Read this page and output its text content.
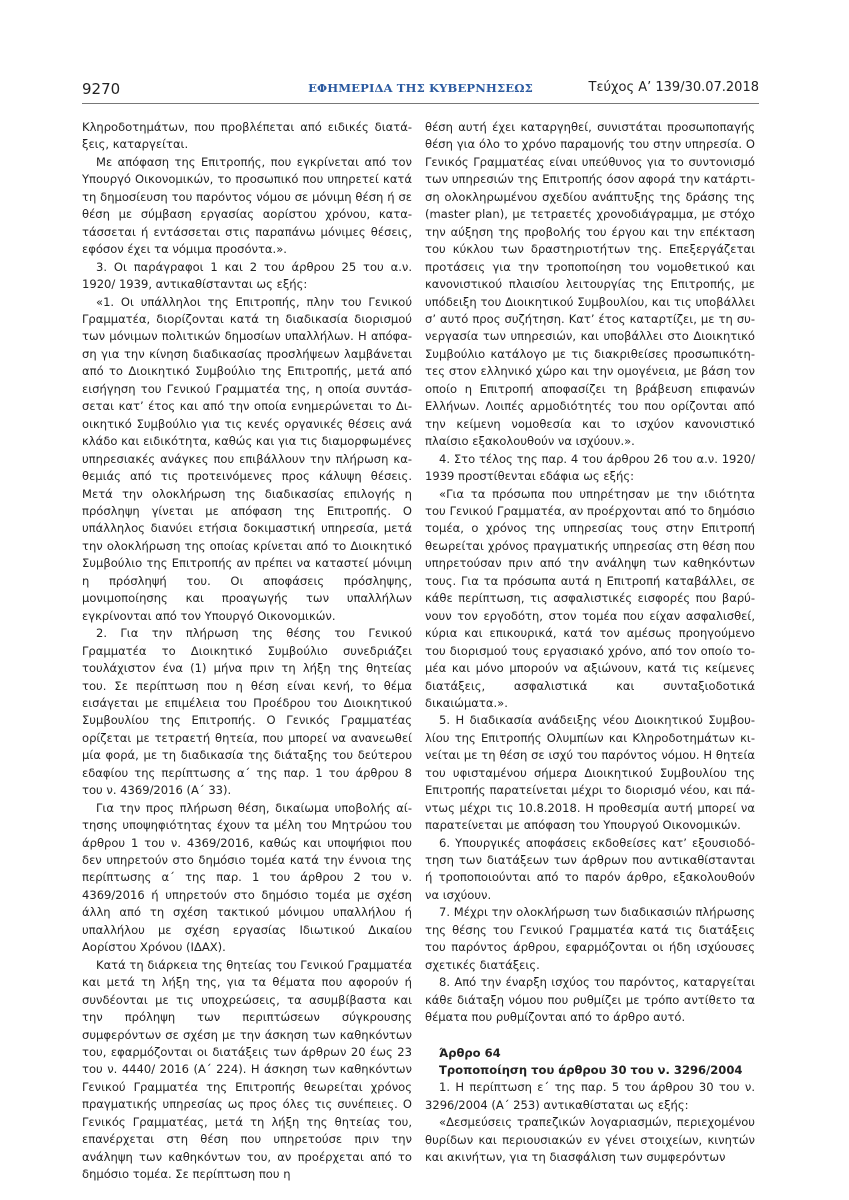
9270	ΕΦΗΜΕΡΙΔΑ ΤΗΣ ΚΥΒΕΡΝΗΣΕΩΣ	Τεύχος Α’ 139/30.07.2018

Κληροδοτημάτων, που προβλέπεται από ειδικές διατάξεις, καταργείται.

Με απόφαση της Επιτροπής, που εγκρίνεται από τον Υπουργό Οικονομικών, το προσωπικό που υπηρετεί κατά τη δημοσίευση του παρόντος νόμου σε μόνιμη θέση ή σε θέση με σύμβαση εργασίας αορίστου χρόνου, κατατάσσεται ή εντάσσεται στις παραπάνω μόνιμες θέσεις, εφόσον έχει τα νόμιμα προσόντα.».

3. Οι παράγραφοι 1 και 2 του άρθρου 25 του α.ν. 1920/ 1939, αντικαθίστανται ως εξής:

«1. Οι υπάλληλοι της Επιτροπής, πλην του Γενικού Γραμματέα, διορίζονται κατά τη διαδικασία διορισμού των μόνιμων πολιτικών δημοσίων υπαλλήλων. Η απόφαση για την κίνηση διαδικασίας προσλήψεων λαμβάνεται από το Διοικητικό Συμβούλιο της Επιτροπής, μετά από εισήγηση του Γενικού Γραμματέα της, η οποία συντάσσεται κατ’ έτος και από την οποία ενημερώνεται το Διοικητικό Συμβούλιο για τις κενές οργανικές θέσεις ανά κλάδο και ειδικότητα, καθώς και για τις διαμορφωμένες υπηρεσιακές ανάγκες που επιβάλλουν την πλήρωση καθεμιάς από τις προτεινόμενες προς κάλυψη θέσεις. Μετά την ολοκλήρωση της διαδικασίας επιλογής η πρόσληψη γίνεται με απόφαση της Επιτροπής. Ο υπάλληλος διανύει ετήσια δοκιμαστική υπηρεσία, μετά την ολοκλήρωση της οποίας κρίνεται από το Διοικητικό Συμβούλιο της Επιτροπής αν πρέπει να καταστεί μόνιμη η πρόσληψή του. Οι αποφάσεις πρόσληψης, μονιμοποίησης και προαγωγής των υπαλλήλων εγκρίνονται από τον Υπουργό Οικονομικών.

2. Για την πλήρωση της θέσης του Γενικού Γραμματέα το Διοικητικό Συμβούλιο συνεδριάζει τουλάχιστον ένα (1) μήνα πριν τη λήξη της θητείας του. Σε περίπτωση που η θέση είναι κενή, το θέμα εισάγεται με επιμέλεια του Προέδρου του Διοικητικού Συμβουλίου της Επιτροπής. Ο Γενικός Γραμματέας ορίζεται με τετραετή θητεία, που μπορεί να ανανεωθεί μία φορά, με τη διαδικασία της διάταξης του δεύτερου εδαφίου της περίπτωσης α΄ της παρ. 1 του άρθρου 8 του ν. 4369/2016 (Α΄ 33).

Για την προς πλήρωση θέση, δικαίωμα υποβολής αίτησης υποψηφιότητας έχουν τα μέλη του Μητρώου του άρθρου 1 του ν. 4369/2016, καθώς και υποψήφιοι που δεν υπηρετούν στο δημόσιο τομέα κατά την έννοια της περίπτωσης α΄ της παρ. 1 του άρθρου 2 του ν. 4369/2016 ή υπηρετούν στο δημόσιο τομέα με σχέση άλλη από τη σχέση τακτικού μόνιμου υπαλλήλου ή υπαλλήλου με σχέση εργασίας Ιδιωτικού Δικαίου Αορίστου Χρόνου (ΙΔΑΧ).

Κατά τη διάρκεια της θητείας του Γενικού Γραμματέα και μετά τη λήξη της, για τα θέματα που αφορούν ή συνδέονται με τις υποχρεώσεις, τα ασυμβίβαστα και την πρόληψη των περιπτώσεων σύγκρουσης συμφερόντων σε σχέση με την άσκηση των καθηκόντων του, εφαρμόζονται οι διατάξεις των άρθρων 20 έως 23 του ν. 4440/ 2016 (Α΄ 224). Η άσκηση των καθηκόντων Γενικού Γραμματέα της Επιτροπής θεωρείται χρόνος πραγματικής υπηρεσίας ως προς όλες τις συνέπειες. Ο Γενικός Γραμματέας, μετά τη λήξη της θητείας του, επανέρχεται στη θέση που υπηρετούσε πριν την ανάληψη των καθηκόντων του, αν προέρχεται από το δημόσιο τομέα. Σε περίπτωση που η

θέση αυτή έχει καταργηθεί, συνιστάται προσωποπαγής θέση για όλο το χρόνο παραμονής του στην υπηρεσία. Ο Γενικός Γραμματέας είναι υπεύθυνος για το συντονισμό των υπηρεσιών της Επιτροπής όσον αφορά την κατάρτιση ολοκληρωμένου σχεδίου ανάπτυξης της δράσης της (master plan), με τετραετές χρονοδιάγραμμα, με στόχο την αύξηση της προβολής του έργου και την επέκταση του κύκλου των δραστηριοτήτων της. Επεξεργάζεται προτάσεις για την τροποποίηση του νομοθετικού και κανονιστικού πλαισίου λειτουργίας της Επιτροπής, με υπόδειξη του Διοικητικού Συμβουλίου, και τις υποβάλλει σ’ αυτό προς συζήτηση. Κατ’ έτος καταρτίζει, με τη συνεργασία των υπηρεσιών, και υποβάλλει στο Διοικητικό Συμβούλιο κατάλογο με τις διακριθείσες προσωπικότητες στον ελληνικό χώρο και την ομογένεια, με βάση τον οποίο η Επιτροπή αποφασίζει τη βράβευση επιφανών Ελλήνων. Λοιπές αρμοδιότητές του που ορίζονται από την κείμενη νομοθεσία και το ισχύον κανονιστικό πλαίσιο εξακολουθούν να ισχύουν.».

4. Στο τέλος της παρ. 4 του άρθρου 26 του α.ν. 1920/ 1939 προστίθενται εδάφια ως εξής:

«Για τα πρόσωπα που υπηρέτησαν με την ιδιότητα του Γενικού Γραμματέα, αν προέρχονται από το δημόσιο τομέα, ο χρόνος της υπηρεσίας τους στην Επιτροπή θεωρείται χρόνος πραγματικής υπηρεσίας στη θέση που υπηρετούσαν πριν από την ανάληψη των καθηκόντων τους. Για τα πρόσωπα αυτά η Επιτροπή καταβάλλει, σε κάθε περίπτωση, τις ασφαλιστικές εισφορές που βαρύνουν τον εργοδότη, στον τομέα που είχαν ασφαλισθεί, κύρια και επικουρικά, κατά τον αμέσως προηγούμενο του διορισμού τους εργασιακό χρόνο, από τον οποίο τομέα και μόνο μπορούν να αξιώνουν, κατά τις κείμενες διατάξεις, ασφαλιστικά και συνταξιοδοτικά δικαιώματα.».

5. Η διαδικασία ανάδειξης νέου Διοικητικού Συμβουλίου της Επιτροπής Ολυμπίων και Κληροδοτημάτων κινείται με τη θέση σε ισχύ του παρόντος νόμου. Η θητεία του υφισταμένου σήμερα Διοικητικού Συμβουλίου της Επιτροπής παρατείνεται μέχρι το διορισμό νέου, και πάντως μέχρι τις 10.8.2018. Η προθεσμία αυτή μπορεί να παρατείνεται με απόφαση του Υπουργού Οικονομικών.

6. Υπουργικές αποφάσεις εκδοθείσες κατ’ εξουσιοδότηση των διατάξεων των άρθρων που αντικαθίστανται ή τροποποιούνται από το παρόν άρθρο, εξακολουθούν να ισχύουν.

7. Μέχρι την ολοκλήρωση των διαδικασιών πλήρωσης της θέσης του Γενικού Γραμματέα κατά τις διατάξεις του παρόντος άρθρου, εφαρμόζονται οι ήδη ισχύουσες σχετικές διατάξεις.

8. Από την έναρξη ισχύος του παρόντος, καταργείται κάθε διάταξη νόμου που ρυθμίζει με τρόπο αντίθετο τα θέματα που ρυθμίζονται από το άρθρο αυτό.

Άρθρο 64

Τροποποίηση του άρθρου 30 του ν. 3296/2004

1. Η περίπτωση ε΄ της παρ. 5 του άρθρου 30 του ν. 3296/2004 (Α΄ 253) αντικαθίσταται ως εξής:

«Δεσμεύσεις τραπεζικών λογαριασμών, περιεχομένου θυρίδων και περιουσιακών εν γένει στοιχείων, κινητών και ακινήτων, για τη διασφάλιση των συμφερόντων
